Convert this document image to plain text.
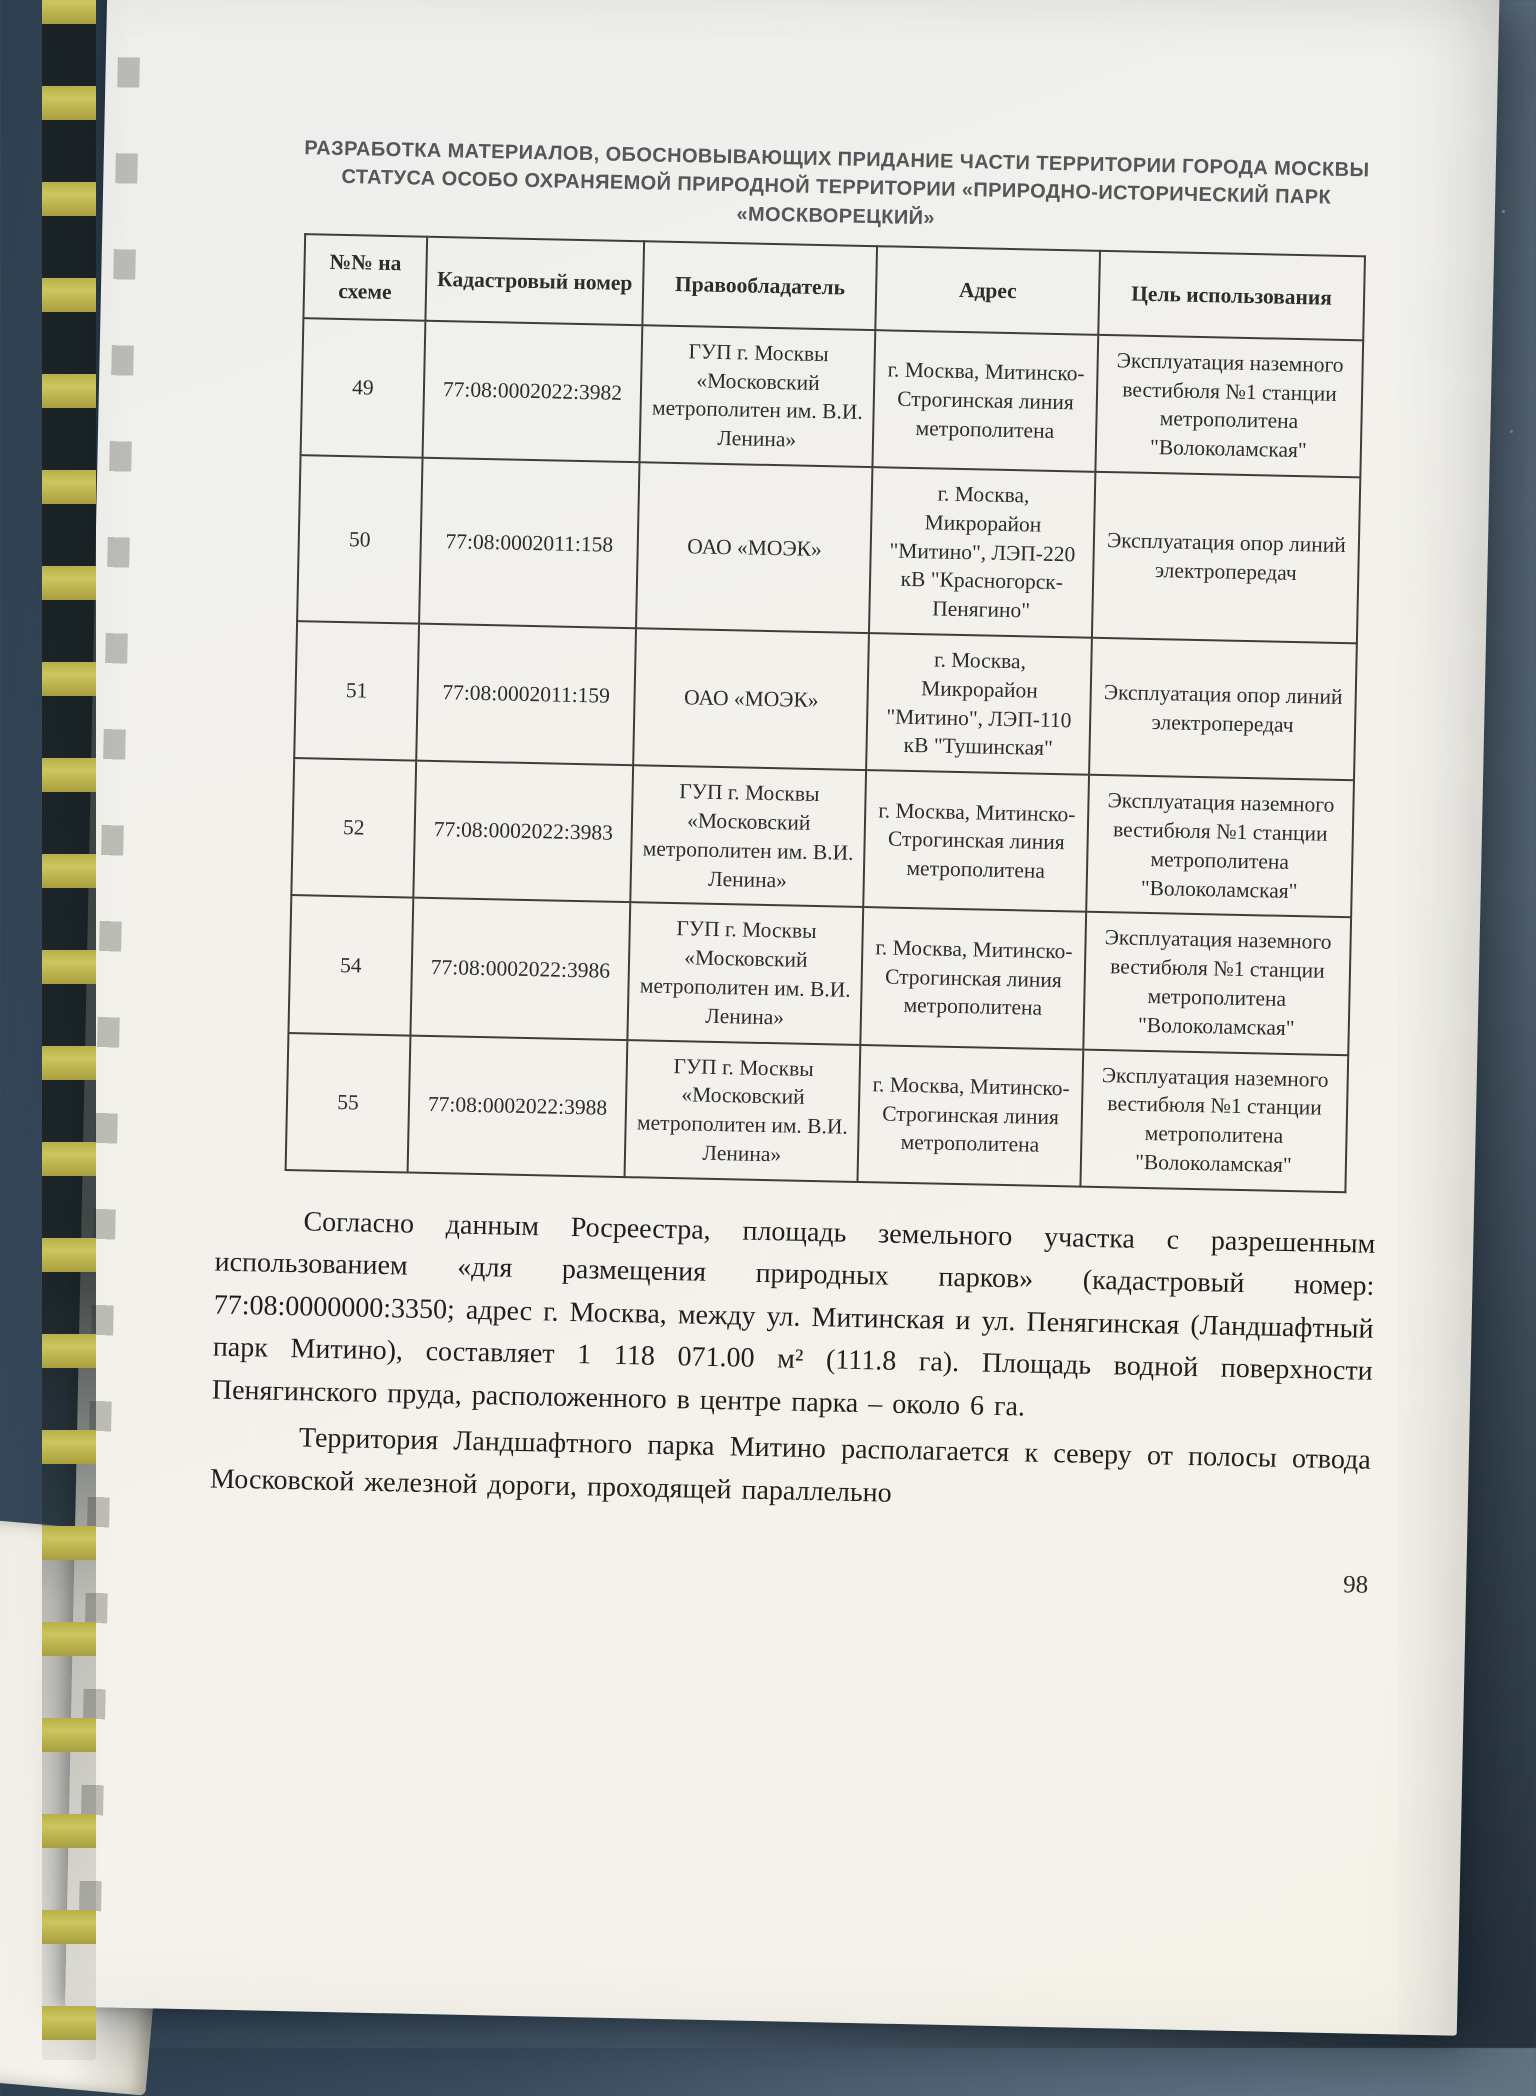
РАЗРАБОТКА МАТЕРИАЛОВ, ОБОСНОВЫВАЮЩИХ ПРИДАНИЕ ЧАСТИ ТЕРРИТОРИИ ГОРОДА МОСКВЫ СТАТУСА ОСОБО ОХРАНЯЕМОЙ ПРИРОДНОЙ ТЕРРИТОРИИ «ПРИРОДНО-ИСТОРИЧЕСКИЙ ПАРК «МОСКВОРЕЦКИЙ»
№№ на схеме	Кадастровый номер	Правообладатель	Адрес	Цель использования
49	77:08:0002022:3982	ГУП г. Москвы «Московский метрополитен им. В.И. Ленина»	г. Москва, Митинско-Строгинская линия метрополитена	Эксплуатация наземного вестибюля №1 станции метрополитена "Волоколамская"
50	77:08:0002011:158	ОАО «МОЭК»	г. Москва, Микрорайон "Митино", ЛЭП-220 кВ "Красногорск-Пенягино"	Эксплуатация опор линий электропередач
51	77:08:0002011:159	ОАО «МОЭК»	г. Москва, Микрорайон "Митино", ЛЭП-110 кВ "Тушинская"	Эксплуатация опор линий электропередач
52	77:08:0002022:3983	ГУП г. Москвы «Московский метрополитен им. В.И. Ленина»	г. Москва, Митинско-Строгинская линия метрополитена	Эксплуатация наземного вестибюля №1 станции метрополитена "Волоколамская"
54	77:08:0002022:3986	ГУП г. Москвы «Московский метрополитен им. В.И. Ленина»	г. Москва, Митинско-Строгинская линия метрополитена	Эксплуатация наземного вестибюля №1 станции метрополитена "Волоколамская"
55	77:08:0002022:3988	ГУП г. Москвы «Московский метрополитен им. В.И. Ленина»	г. Москва, Митинско-Строгинская линия метрополитена	Эксплуатация наземного вестибюля №1 станции метрополитена "Волоколамская"

Согласно данным Росреестра, площадь земельного участка с разрешенным использованием «для размещения природных парков» (кадастровый номер: 77:08:0000000:3350; адрес г. Москва, между ул. Митинская и ул. Пенягинская (Ландшафтный парк Митино), составляет 1 118 071.00 м² (111.8 га). Площадь водной поверхности Пенягинского пруда, расположенного в центре парка – около 6 га.

Территория Ландшафтного парка Митино располагается к северу от полосы отвода Московской железной дороги, проходящей параллельно

98
